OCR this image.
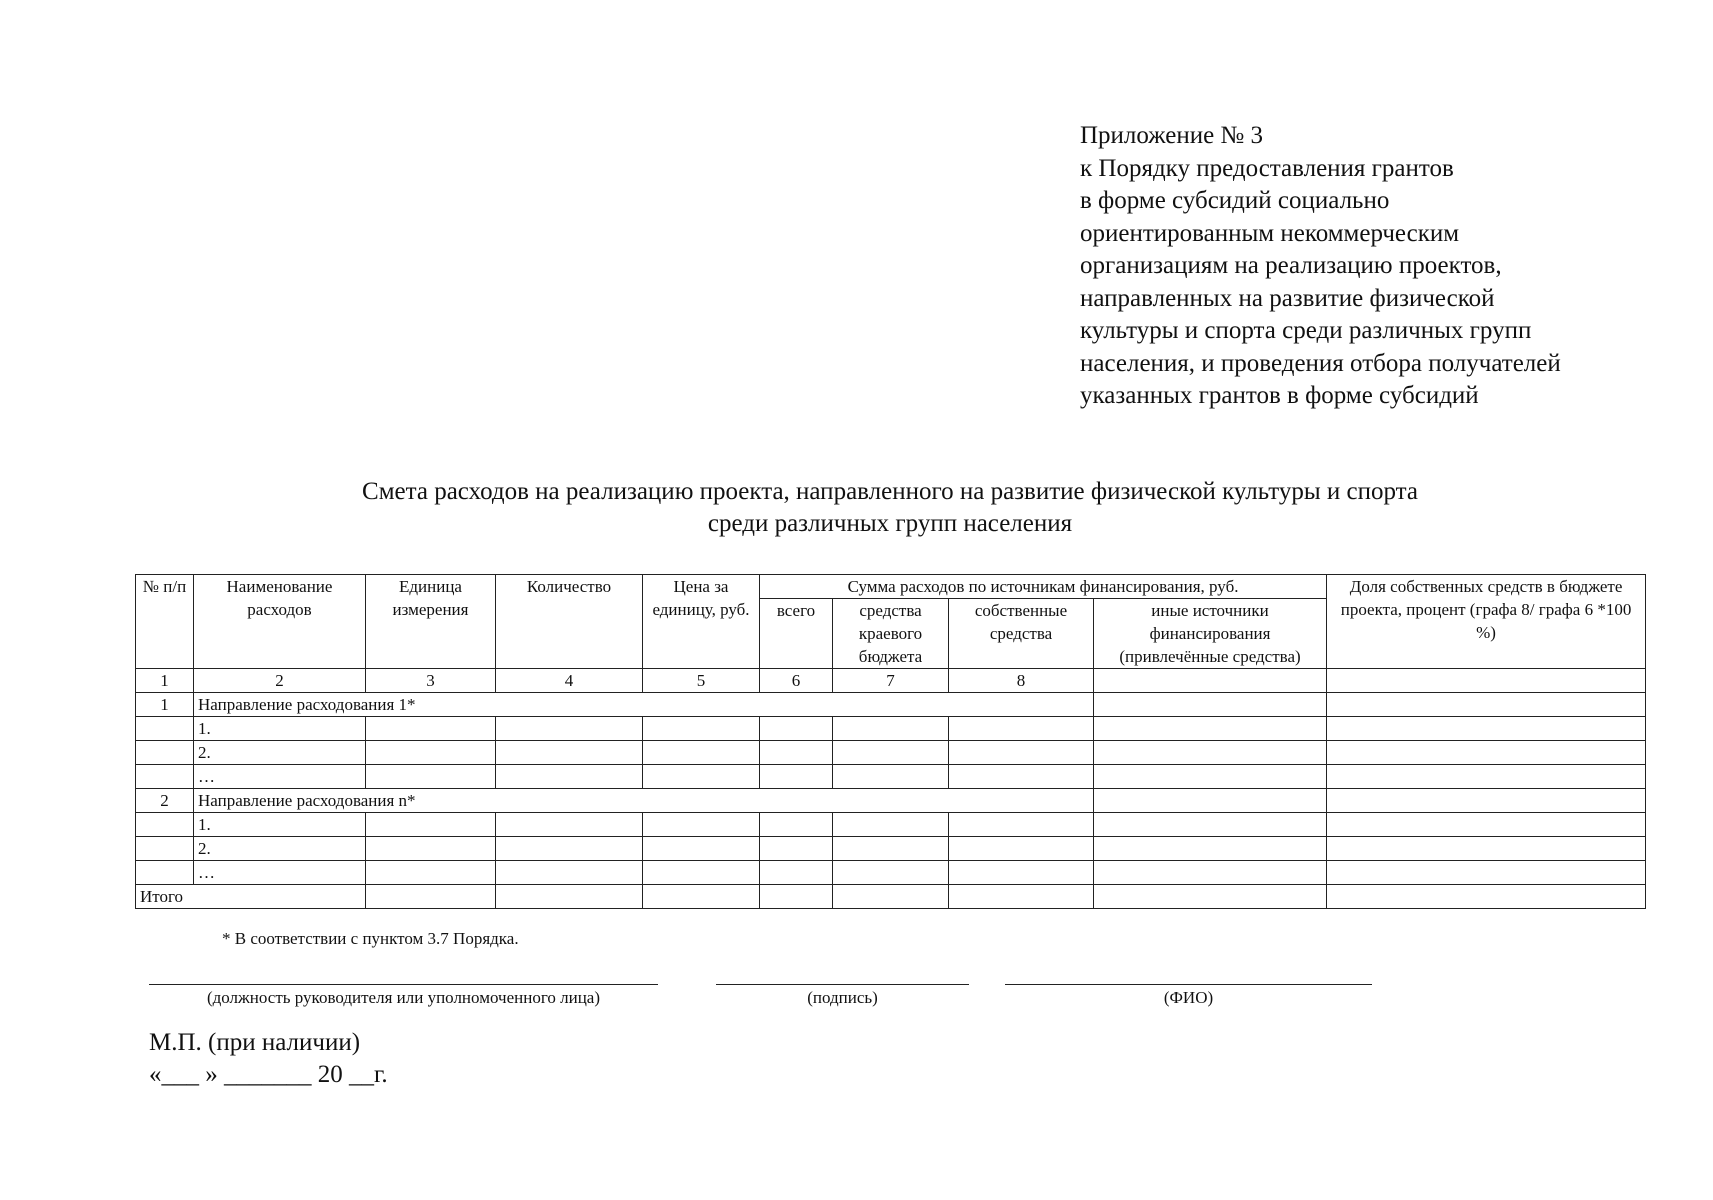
Приложение № 3
к Порядку предоставления грантов
в форме субсидий социально
ориентированным некоммерческим
организациям на реализацию проектов,
направленных на развитие физической
культуры и спорта среди различных групп
населения, и проведения отбора получателей
указанных грантов в форме субсидий
Смета расходов на реализацию проекта, направленного на развитие физической культуры и спорта
среди различных групп населения
№ п/п	Наименование расходов	Единица измерения	Количество	Цена за единицу, руб.	Сумма расходов по источникам финансирования, руб.				Доля собственных средств в бюджете проекта, процент (графа 8/ графа 6 *100 %)
					всего	средства краевого бюджета	собственные средства	иные источники финансирования (привлечённые средства)	
1	2	3	4	5	6	7	8		
1	Направление расходования 1*								
	1.								
	2.								
	…								
2	Направление расходования n*								
	1.								
	2.								
	…								
Итого									
* В соответствии с пунктом 3.7 Порядка.
(должность руководителя или уполномоченного лица)	(подпись)	(ФИО)
М.П. (при наличии)
«___ » _______ 20 __г.
